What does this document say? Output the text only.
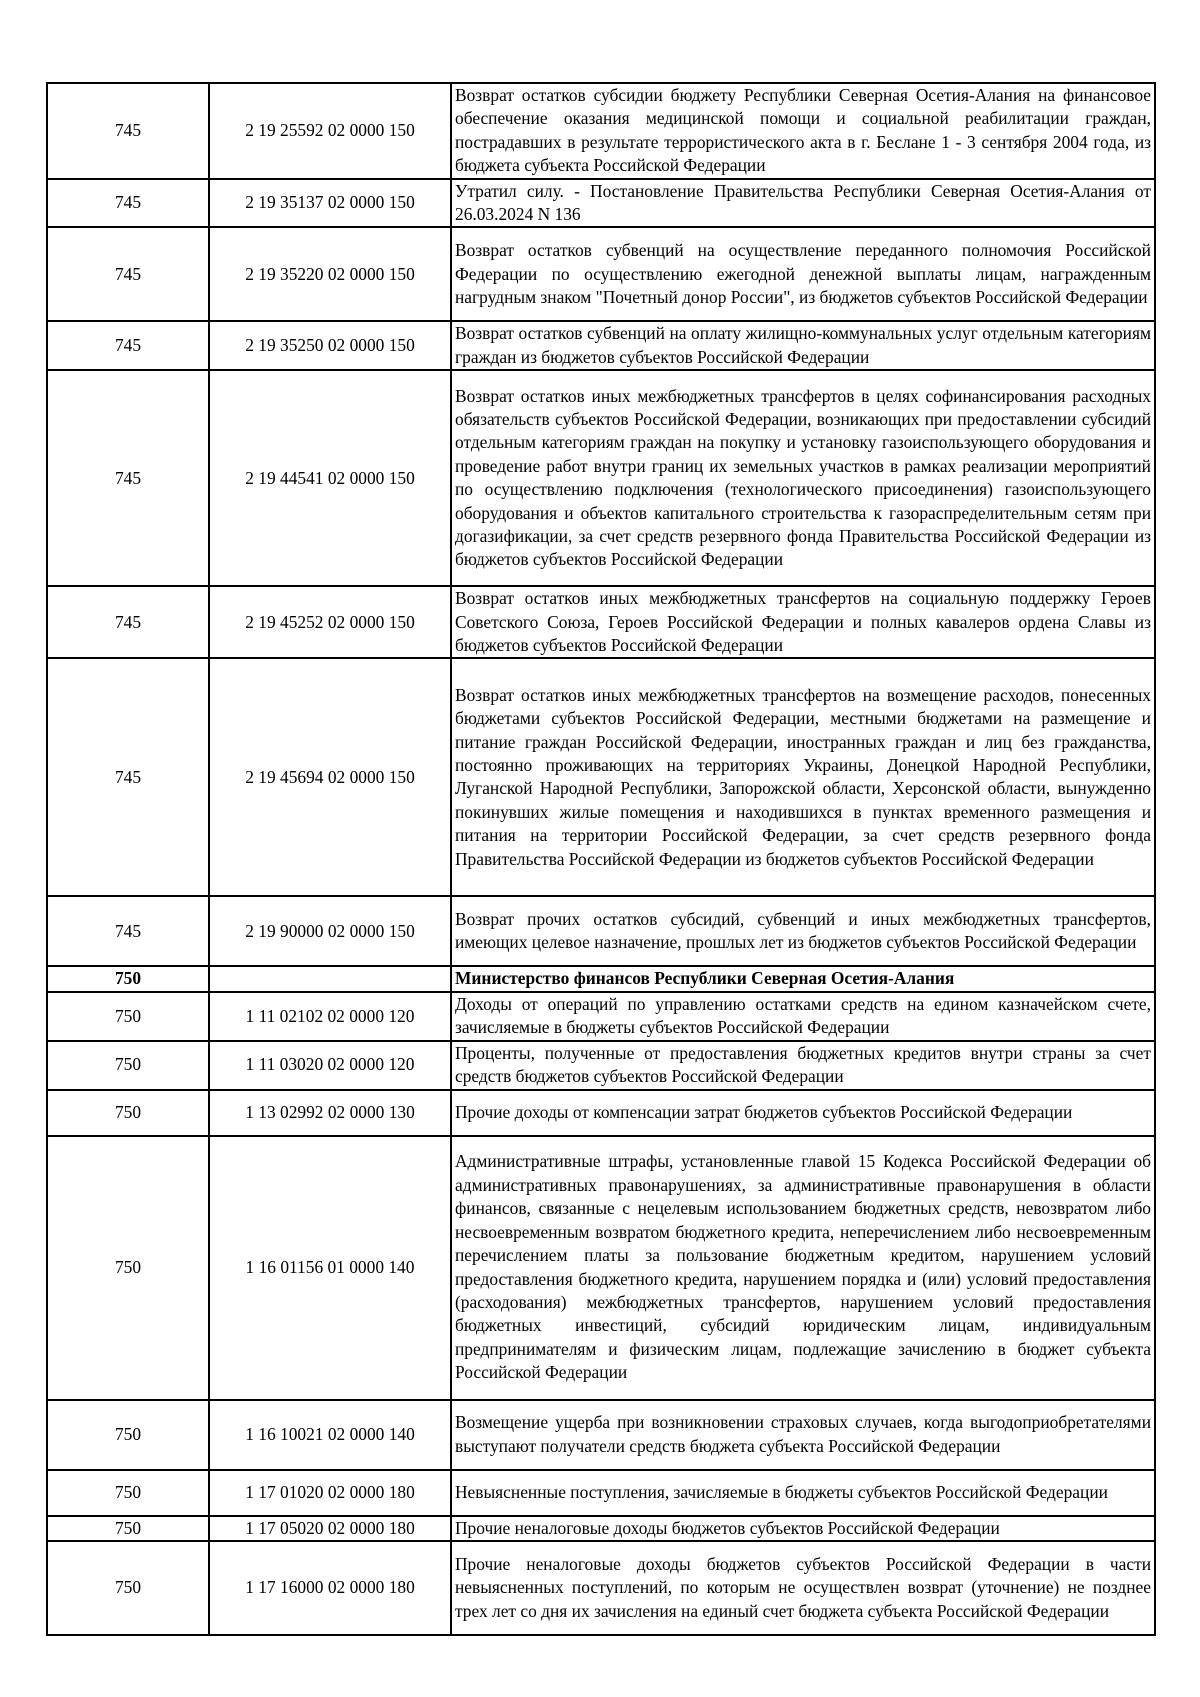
745	2 19 25592 02 0000 150	Возврат остатков субсидии бюджету Республики Северная Осетия-Алания на финансовое обеспечение оказания медицинской помощи и социальной реабилитации граждан, пострадавших в результате террористического акта в г. Беслане 1 - 3 сентября 2004 года, из бюджета субъекта Российской Федерации
745	2 19 35137 02 0000 150	Утратил силу. - Постановление Правительства Республики Северная Осетия-Алания от 26.03.2024 N 136
745	2 19 35220 02 0000 150	Возврат остатков субвенций на осуществление переданного полномочия Российской Федерации по осуществлению ежегодной денежной выплаты лицам, награжденным нагрудным знаком "Почетный донор России", из бюджетов субъектов Российской Федерации
745	2 19 35250 02 0000 150	Возврат остатков субвенций на оплату жилищно-коммунальных услуг отдельным категориям граждан из бюджетов субъектов Российской Федерации
745	2 19 44541 02 0000 150	Возврат остатков иных межбюджетных трансфертов в целях софинансирования расходных обязательств субъектов Российской Федерации, возникающих при предоставлении субсидий отдельным категориям граждан на покупку и установку газоиспользующего оборудования и проведение работ внутри границ их земельных участков в рамках реализации мероприятий по осуществлению подключения (технологического присоединения) газоиспользующего оборудования и объектов капитального строительства к газораспределительным сетям при догазификации, за счет средств резервного фонда Правительства Российской Федерации из бюджетов субъектов Российской Федерации
745	2 19 45252 02 0000 150	Возврат остатков иных межбюджетных трансфертов на социальную поддержку Героев Советского Союза, Героев Российской Федерации и полных кавалеров ордена Славы из бюджетов субъектов Российской Федерации
745	2 19 45694 02 0000 150	Возврат остатков иных межбюджетных трансфертов на возмещение расходов, понесенных бюджетами субъектов Российской Федерации, местными бюджетами на размещение и питание граждан Российской Федерации, иностранных граждан и лиц без гражданства, постоянно проживающих на территориях Украины, Донецкой Народной Республики, Луганской Народной Республики, Запорожской области, Херсонской области, вынужденно покинувших жилые помещения и находившихся в пунктах временного размещения и питания на территории Российской Федерации, за счет средств резервного фонда Правительства Российской Федерации из бюджетов субъектов Российской Федерации
745	2 19 90000 02 0000 150	Возврат прочих остатков субсидий, субвенций и иных межбюджетных трансфертов, имеющих целевое назначение, прошлых лет из бюджетов субъектов Российской Федерации
750		Министерство финансов Республики Северная Осетия-Алания
750	1 11 02102 02 0000 120	Доходы от операций по управлению остатками средств на едином казначейском счете, зачисляемые в бюджеты субъектов Российской Федерации
750	1 11 03020 02 0000 120	Проценты, полученные от предоставления бюджетных кредитов внутри страны за счет средств бюджетов субъектов Российской Федерации
750	1 13 02992 02 0000 130	Прочие доходы от компенсации затрат бюджетов субъектов Российской Федерации
750	1 16 01156 01 0000 140	Административные штрафы, установленные главой 15 Кодекса Российской Федерации об административных правонарушениях, за административные правонарушения в области финансов, связанные с нецелевым использованием бюджетных средств, невозвратом либо несвоевременным возвратом бюджетного кредита, неперечислением либо несвоевременным перечислением платы за пользование бюджетным кредитом, нарушением условий предоставления бюджетного кредита, нарушением порядка и (или) условий предоставления (расходования) межбюджетных трансфертов, нарушением условий предоставления бюджетных инвестиций, субсидий юридическим лицам, индивидуальным предпринимателям и физическим лицам, подлежащие зачислению в бюджет субъекта Российской Федерации
750	1 16 10021 02 0000 140	Возмещение ущерба при возникновении страховых случаев, когда выгодоприобретателями выступают получатели средств бюджета субъекта Российской Федерации
750	1 17 01020 02 0000 180	Невыясненные поступления, зачисляемые в бюджеты субъектов Российской Федерации
750	1 17 05020 02 0000 180	Прочие неналоговые доходы бюджетов субъектов Российской Федерации
750	1 17 16000 02 0000 180	Прочие неналоговые доходы бюджетов субъектов Российской Федерации в части невыясненных поступлений, по которым не осуществлен возврат (уточнение) не позднее трех лет со дня их зачисления на единый счет бюджета субъекта Российской Федерации
